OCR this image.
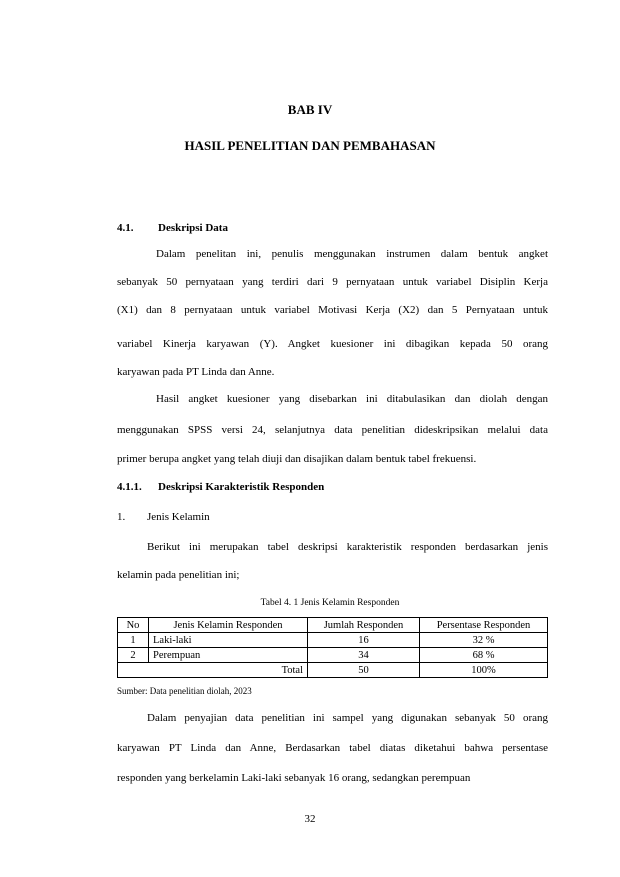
BAB IV
HASIL PENELITIAN DAN PEMBAHASAN
4.1. Deskripsi Data
Dalam penelitan ini, penulis menggunakan instrumen dalam bentuk angket
sebanyak 50 pernyataan yang terdiri dari 9 pernyataan untuk variabel Disiplin Kerja
(X1) dan 8 pernyataan untuk variabel Motivasi Kerja (X2) dan 5 Pernyataan untuk
variabel Kinerja karyawan (Y). Angket kuesioner ini dibagikan kepada 50 orang
karyawan pada PT Linda dan Anne.
Hasil angket kuesioner yang disebarkan ini ditabulasikan dan diolah dengan
menggunakan SPSS versi 24, selanjutnya data penelitian dideskripsikan melalui data
primer berupa angket yang telah diuji dan disajikan dalam bentuk tabel frekuensi.
4.1.1. Deskripsi Karakteristik Responden
1. Jenis Kelamin
Berikut ini merupakan tabel deskripsi karakteristik responden berdasarkan jenis
kelamin pada penelitian ini;
Tabel 4. 1 Jenis Kelamin Responden
No	Jenis Kelamin Responden	Jumlah Responden	Persentase Responden
1	Laki-laki	16	32 %
2	Perempuan	34	68 %
Total		50	100%
Sumber: Data penelitian diolah, 2023
Dalam penyajian data penelitian ini sampel yang digunakan sebanyak 50 orang
karyawan PT Linda dan Anne, Berdasarkan tabel diatas diketahui bahwa persentase
responden yang berkelamin Laki-laki sebanyak 16 orang, sedangkan perempuan
32
